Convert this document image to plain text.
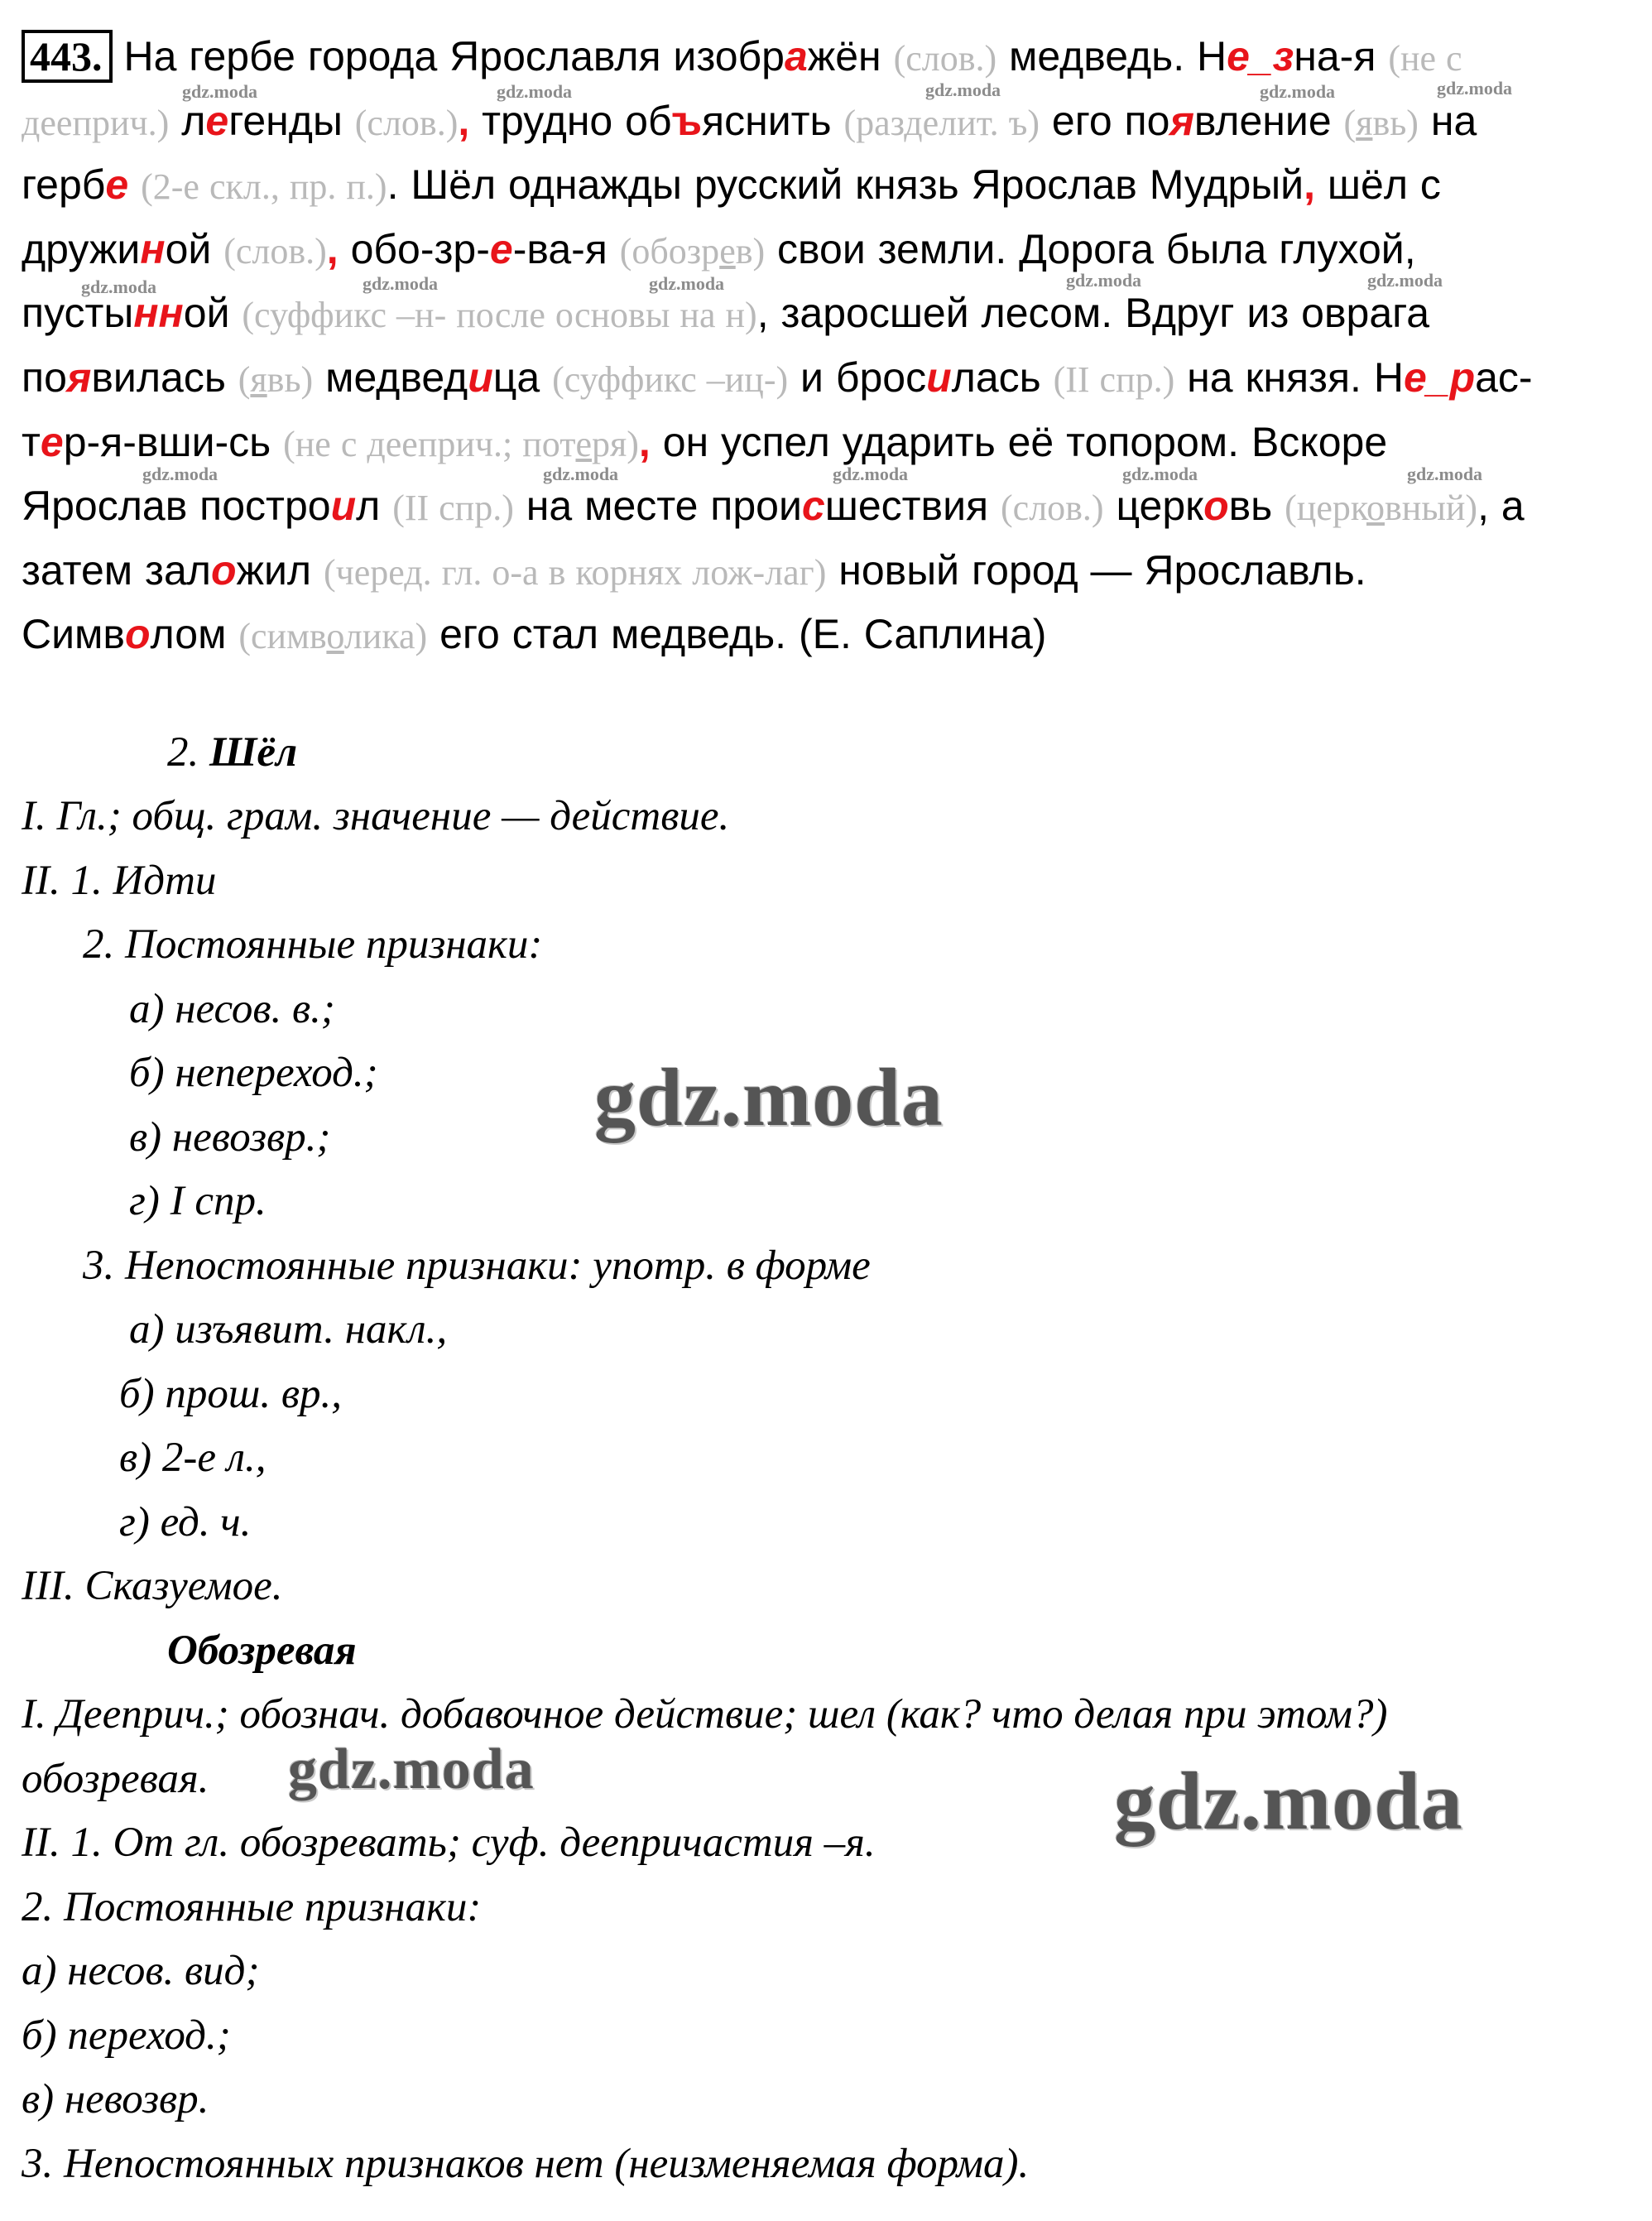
443. На гербе города Ярославля изображён (слов.) медведь. Не_зна-я (не с
дееприч.) легенды (слов.), трудно объяснить (разделит. ъ) его появление (явь) на
гербе (2-е скл., пр. п.). Шёл однажды русский князь Ярослав Мудрый, шёл с
дружиной (слов.), обо-зр-е-ва-я (обозрев) свои земли. Дорога была глухой,
пустынной (суффикс –н- после основы на н), заросшей лесом. Вдруг из оврага
появилась (явь) медведица (суффикс –иц-) и бросилась (II спр.) на князя. Не_рас-
тер-я-вши-сь (не с дееприч.; потеря), он успел ударить её топором. Вскоре
Ярослав построил (II спр.) на месте происшествия (слов.) церковь (церковный), а
затем заложил (черед. гл. о-а в корнях лож-лаг) новый город — Ярославль.
Символом (символика) его стал медведь. (Е. Саплина)
2. Шёл
I. Гл.; общ. грам. значение — действие.
II. 1. Идти
2. Постоянные признаки:
а) несов. в.;
б) непереход.;
в) невозвр.;
г) I спр.
3. Непостоянные признаки: употр. в форме
а) изъявит. накл.,
б) прош. вр.,
в) 2-е л.,
г) ед. ч.
III. Сказуемое.
Обозревая
I. Дееприч.; обознач. добавочное действие; шел (как? что делая при этом?)
обозревая.
II. 1. От гл. обозревать; суф. деепричастия –я.
2. Постоянные признаки:
а) несов. вид;
б) переход.;
в) невозвр.
3. Непостоянных признаков нет (неизменяемая форма).
gdz.moda	gdz.moda	gdz.moda	gdz.moda	gdz.moda
gdz.moda	gdz.moda	gdz.moda	gdz.moda	gdz.moda
gdz.moda	gdz.moda	gdz.moda	gdz.moda	gdz.moda
gdz.moda
gdz.moda	gdz.moda
